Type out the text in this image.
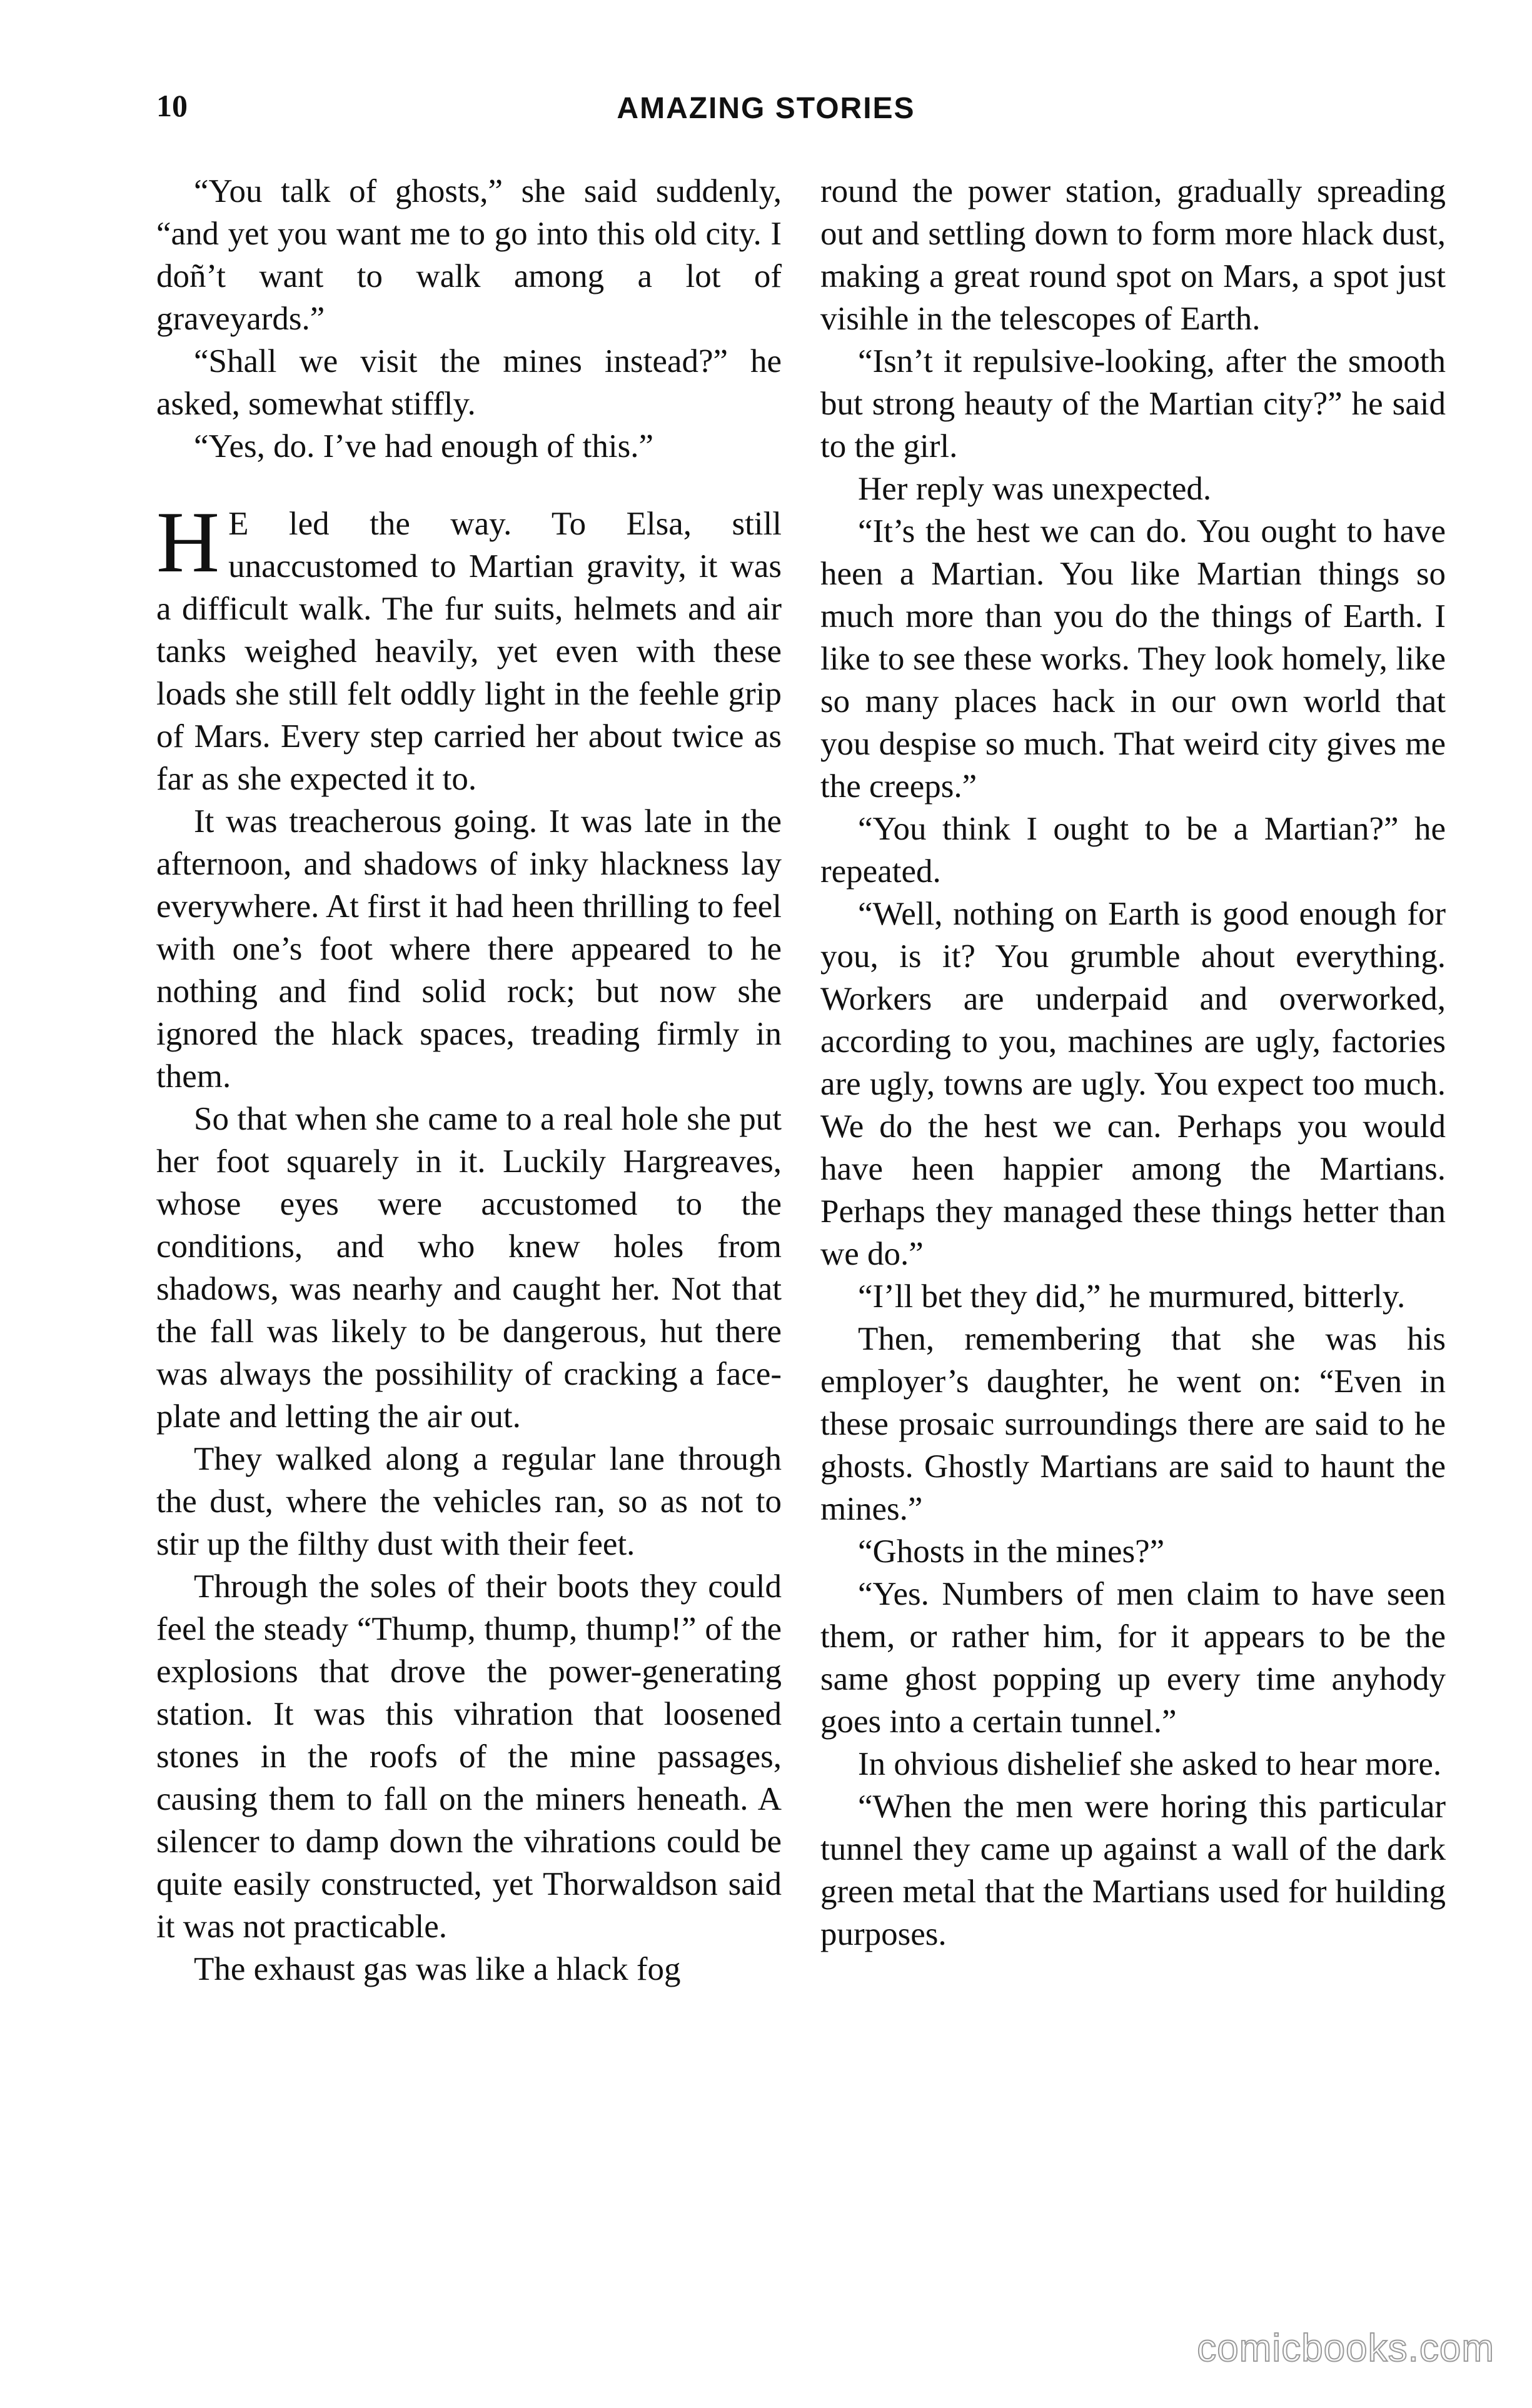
10	AMAZING STORIES

“You talk of ghosts,” she said suddenly, “and yet you want me to go into this old city. I doñ’t want to walk among a lot of graveyards.”

“Shall we visit the mines instead?” he asked, somewhat stiffly.

“Yes, do. I’ve had enough of this.”

H E led the way. To Elsa, still unaccustomed to Martian gravity, it was a difficult walk. The fur suits, helmets and air tanks weighed heavily, yet even with these loads she still felt oddly light in the feehle grip of Mars. Every step carried her about twice as far as she expected it to.

It was treacherous going. It was late in the afternoon, and shadows of inky hlackness lay everywhere. At first it had heen thrilling to feel with one’s foot where there appeared to he nothing and find solid rock; but now she ignored the hlack spaces, treading firmly in them.

So that when she came to a real hole she put her foot squarely in it. Luckily Hargreaves, whose eyes were accustomed to the conditions, and who knew holes from shadows, was nearhy and caught her. Not that the fall was likely to be dangerous, hut there was always the possihility of cracking a face-plate and letting the air out.

They walked along a regular lane through the dust, where the vehicles ran, so as not to stir up the filthy dust with their feet.

Through the soles of their boots they could feel the steady “Thump, thump, thump!” of the explosions that drove the power-generating station. It was this vihration that loosened stones in the roofs of the mine passages, causing them to fall on the miners heneath. A silencer to damp down the vihrations could be quite easily constructed, yet Thorwaldson said it was not practicable.

The exhaust gas was like a hlack fog

round the power station, gradually spreading out and settling down to form more hlack dust, making a great round spot on Mars, a spot just visihle in the telescopes of Earth.

“Isn’t it repulsive-looking, after the smooth but strong heauty of the Martian city?” he said to the girl.

Her reply was unexpected.

“It’s the hest we can do. You ought to have heen a Martian. You like Martian things so much more than you do the things of Earth. I like to see these works. They look homely, like so many places hack in our own world that you despise so much. That weird city gives me the creeps.”

“You think I ought to be a Martian?” he repeated.

“Well, nothing on Earth is good enough for you, is it? You grumble ahout everything. Workers are underpaid and overworked, according to you, machines are ugly, factories are ugly, towns are ugly. You expect too much. We do the hest we can. Perhaps you would have heen happier among the Martians. Perhaps they managed these things hetter than we do.”

“I’ll bet they did,” he murmured, bitterly.

Then, remembering that she was his employer’s daughter, he went on: “Even in these prosaic surroundings there are said to he ghosts. Ghostly Martians are said to haunt the mines.”

“Ghosts in the mines?”

“Yes. Numbers of men claim to have seen them, or rather him, for it appears to be the same ghost popping up every time anyhody goes into a certain tunnel.”

In ohvious dishelief she asked to hear more.

“When the men were horing this particular tunnel they came up against a wall of the dark green metal that the Martians used for huilding purposes.

comicbooks.com
